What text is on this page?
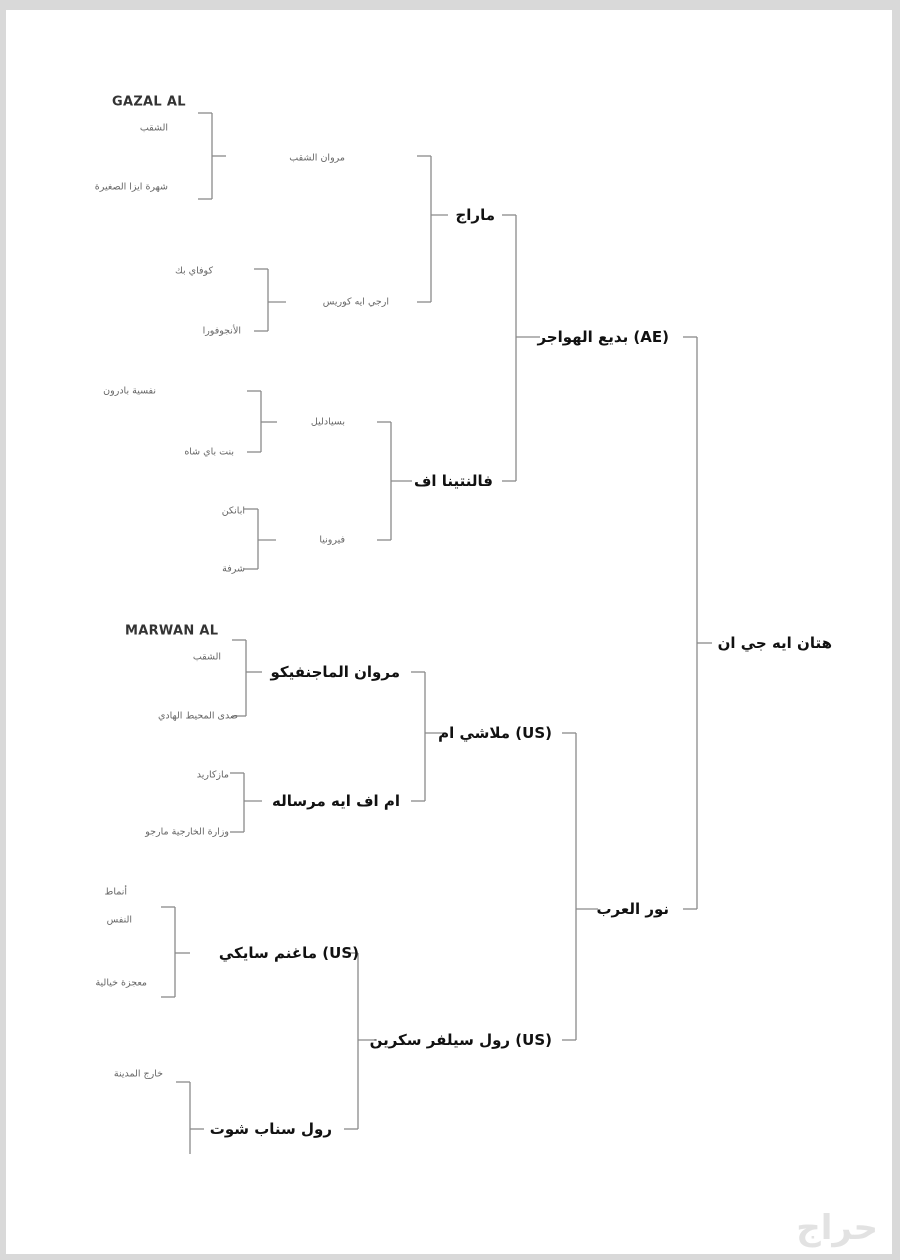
هتان ايه جي ان
بديع الهواجر (AE)
نور العرب
ماراج
فالنتينا اف
ملاشي ام (US)
رول سيلفر سكرين (US)
مروان الشقب
ارجي ايه كوريس
بسيادليل
فيرونيا
مروان الماجنفيكو
ام اف ايه مرساله
ماغنم سايكي (US)
رول سناب شوت
الشقب
شهرة ايزا الصغيرة
كوفاي بك
الأنجوفورا
نفسية بادرون
بنت باي شاه
ابانكن
شرفة
الشقب
صدى المحيط الهادي
مازكاريد
وزارة الخارجية مارجو
النفس
معجزة خيالية
خارج المدينة
GAZAL AL
MARWAN AL
أنماط
حراج
